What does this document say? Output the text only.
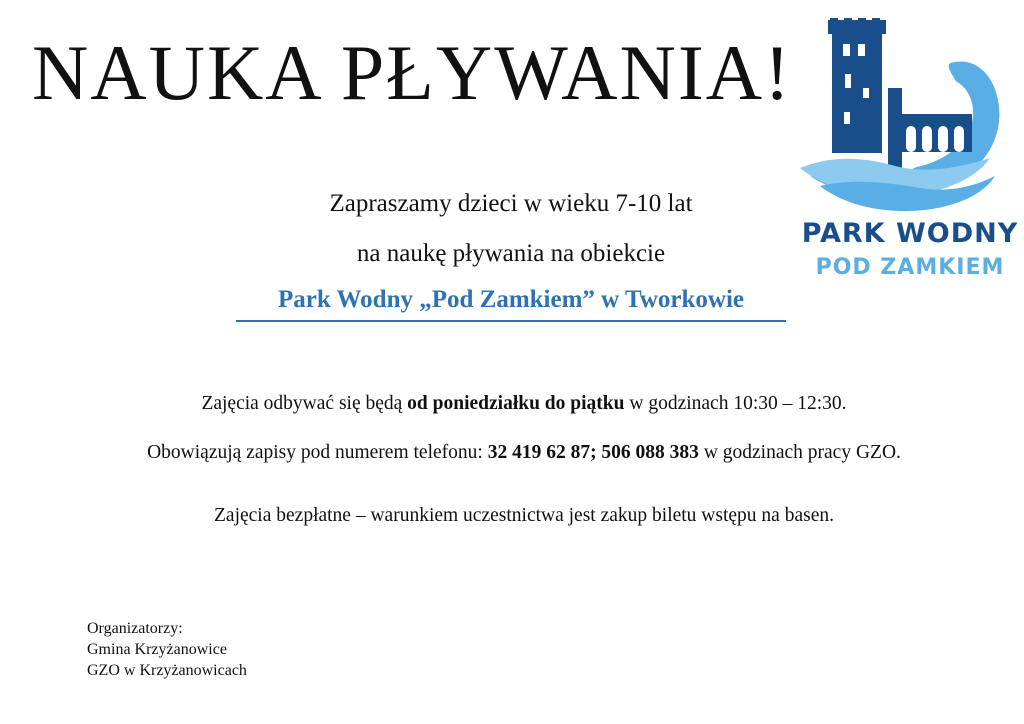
NAUKA PŁYWANIA!
PARK WODNY
POD ZAMKIEM
Zapraszamy dzieci w wieku 7-10 lat
na naukę pływania na obiekcie
Park Wodny „Pod Zamkiem” w Tworkowie
Zajęcia odbywać się będą od poniedziałku do piątku w godzinach 10:30 – 12:30.
Obowiązują zapisy pod numerem telefonu: 32 419 62 87; 506 088 383 w godzinach pracy GZO.
Zajęcia bezpłatne – warunkiem uczestnictwa jest zakup biletu wstępu na basen.
Organizatorzy:
Gmina Krzyżanowice
GZO w Krzyżanowicach
